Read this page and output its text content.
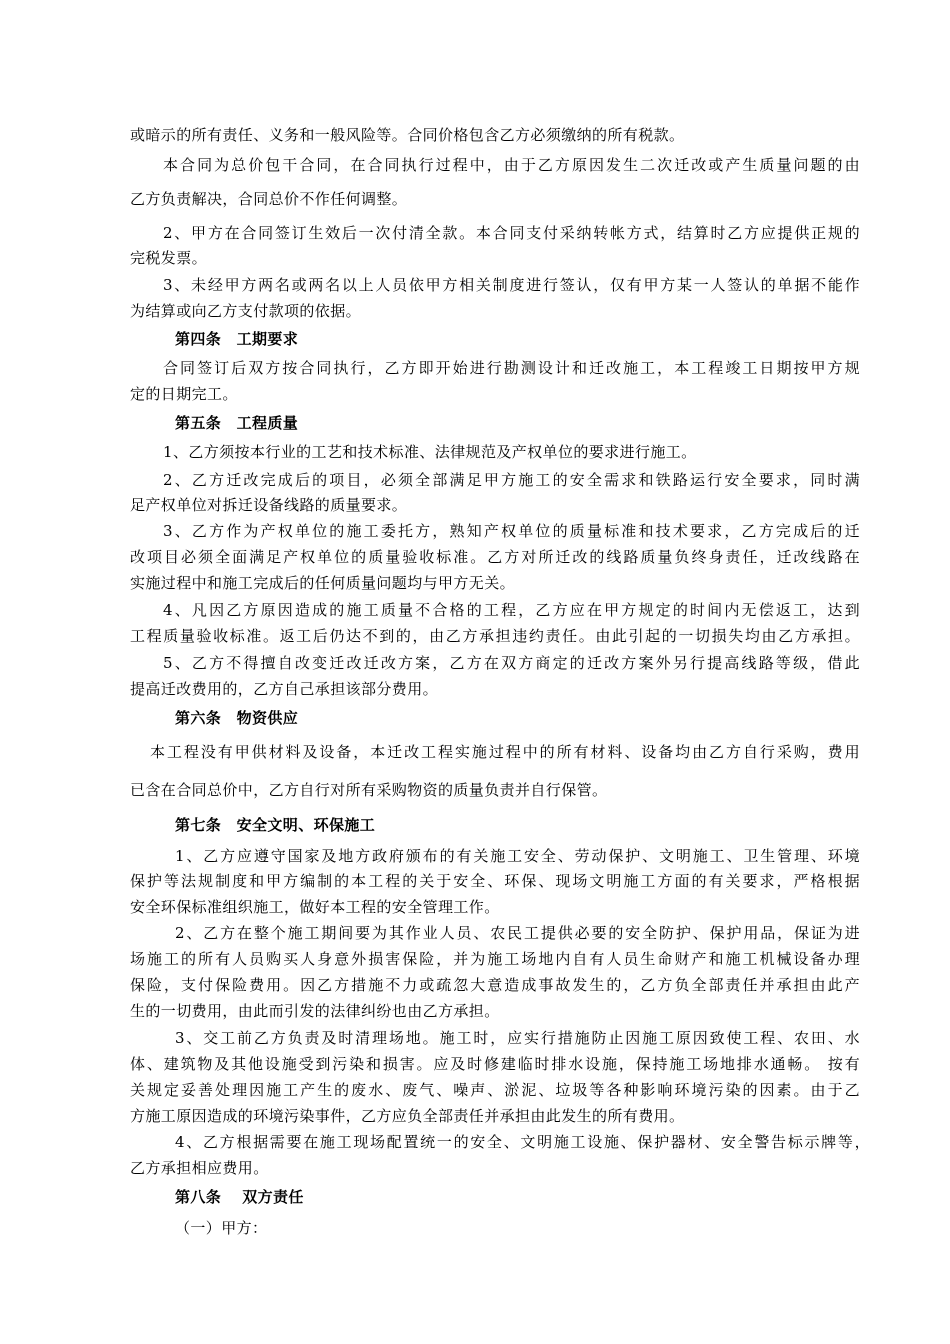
或暗示的所有责任、义务和一般风险等。合同价格包含乙方必须缴纳的所有税款。
本合同为总价包干合同，在合同执行过程中，由于乙方原因发生二次迁改或产生质量问题的由
乙方负责解决，合同总价不作任何调整。
2、甲方在合同签订生效后一次付清全款。本合同支付采纳转帐方式，结算时乙方应提供正规的
完税发票。
3、未经甲方两名或两名以上人员依甲方相关制度进行签认，仅有甲方某一人签认的单据不能作
为结算或向乙方支付款项的依据。
第四条　工期要求
合同签订后双方按合同执行，乙方即开始进行勘测设计和迁改施工，本工程竣工日期按甲方规
定的日期完工。
第五条　工程质量
1、乙方须按本行业的工艺和技术标准、法律规范及产权单位的要求进行施工。
2、乙方迁改完成后的项目，必须全部满足甲方施工的安全需求和铁路运行安全要求，同时满
足产权单位对拆迁设备线路的质量要求。
3、乙方作为产权单位的施工委托方，熟知产权单位的质量标准和技术要求，乙方完成后的迁
改项目必须全面满足产权单位的质量验收标准。乙方对所迁改的线路质量负终身责任，迁改线路在
实施过程中和施工完成后的任何质量问题均与甲方无关。
4、凡因乙方原因造成的施工质量不合格的工程，乙方应在甲方规定的时间内无偿返工，达到
工程质量验收标准。返工后仍达不到的，由乙方承担违约责任。由此引起的一切损失均由乙方承担。
5、乙方不得擅自改变迁改迁改方案，乙方在双方商定的迁改方案外另行提高线路等级，借此
提高迁改费用的，乙方自己承担该部分费用。
第六条　物资供应
本工程没有甲供材料及设备，本迁改工程实施过程中的所有材料、设备均由乙方自行采购，费用
已含在合同总价中，乙方自行对所有采购物资的质量负责并自行保管。
第七条　安全文明、环保施工
1、乙方应遵守国家及地方政府颁布的有关施工安全、劳动保护、文明施工、卫生管理、环境
保护等法规制度和甲方编制的本工程的关于安全、环保、现场文明施工方面的有关要求，严格根据
安全环保标准组织施工，做好本工程的安全管理工作。
2、乙方在整个施工期间要为其作业人员、农民工提供必要的安全防护、保护用品，保证为进
场施工的所有人员购买人身意外损害保险，并为施工场地内自有人员生命财产和施工机械设备办理
保险，支付保险费用。因乙方措施不力或疏忽大意造成事故发生的，乙方负全部责任并承担由此产
生的一切费用，由此而引发的法律纠纷也由乙方承担。
3、交工前乙方负责及时清理场地。施工时，应实行措施防止因施工原因致使工程、农田、水
体、建筑物及其他设施受到污染和损害。应及时修建临时排水设施，保持施工场地排水通畅。 按有
关规定妥善处理因施工产生的废水、废气、噪声、淤泥、垃圾等各种影响环境污染的因素。由于乙
方施工原因造成的环境污染事件，乙方应负全部责任并承担由此发生的所有费用。
4、乙方根据需要在施工现场配置统一的安全、文明施工设施、保护器材、安全警告标示牌等，
乙方承担相应费用。
第八条　 双方责任
（一）甲方：
